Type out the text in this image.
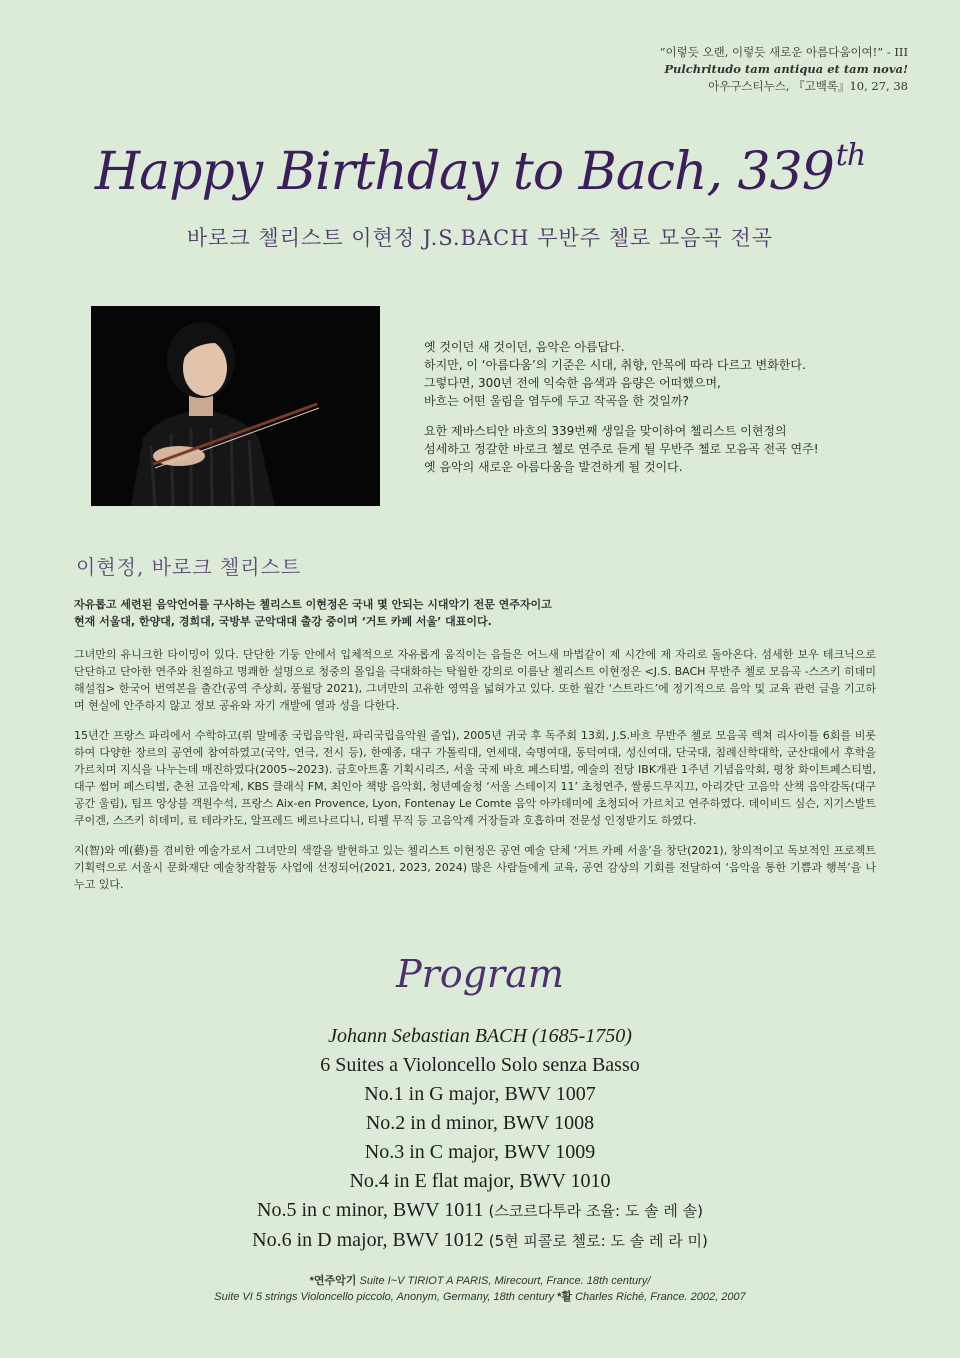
“이렇듯 오랜, 이렇듯 새로운 아름다움이여!” - III
Pulchritudo tam antiqua et tam nova!
아우구스티누스, 『고백록』10, 27, 38
Happy Birthday to Bach, 339th
바로크 첼리스트 이현정 J.S.BACH 무반주 첼로 모음곡 전곡

옛 것이던 새 것이던, 음악은 아름답다.
하지만, 이 ‘아름다움’의 기준은 시대, 취향, 안목에 따라 다르고 변화한다.
그렇다면, 300년 전에 익숙한 음색과 음량은 어떠했으며,
바흐는 어떤 울림을 염두에 두고 작곡을 한 것일까?

요한 제바스티안 바흐의 339번째 생일을 맞이하여 첼리스트 이현정의
섬세하고 정갈한 바로크 첼로 연주로 듣게 될 무반주 첼로 모음곡 전곡 연주!
옛 음악의 새로운 아름다움을 발견하게 될 것이다.

이현정, 바로크 첼리스트

자유롭고 세련된 음악언어를 구사하는 첼리스트 이현정은 국내 몇 안되는 시대악기 전문 연주자이고
현재 서울대, 한양대, 경희대, 국방부 군악대대 출강 중이며 ‘거트 카페 서울’ 대표이다.

그녀만의 유니크한 타이밍이 있다. 단단한 기둥 안에서 입체적으로 자유롭게 움직이는 음들은 어느새 마법같이 제 시간에 제 자리로 돌아온다. 섬세한 보우 테크닉으로 단단하고 단아한 연주와 친절하고 명쾌한 설명으로 청중의 몰입을 극대화하는 탁월한 강의로 이름난 첼리스트 이현정은 <J.S. BACH 무반주 첼로 모음곡 -스즈키 히데미 해설집> 한국어 번역본을 출간(공역 주상희, 풍월당 2021), 그녀만의 고유한 영역을 넓혀가고 있다. 또한 월간 ‘스트라드’에 정기적으로 음악 및 교육 관련 글을 기고하며 현실에 안주하지 않고 정보 공유와 자기 개발에 열과 성을 다한다.

15년간 프랑스 파리에서 수학하고(뤼 말메종 국립음악원, 파리국립음악원 졸업), 2005년 귀국 후 독주회 13회, J.S.바흐 무반주 첼로 모음곡 렉쳐 리사이틀 6회를 비롯하여 다양한 장르의 공연에 참여하였고(국악, 연극, 전시 등), 한예종, 대구 가톨릭대, 연세대, 숙명여대, 동덕여대, 성신여대, 단국대, 침례신학대학, 군산대에서 후학을 가르치며 지식을 나누는데 매진하였다(2005~2023). 금호아트홀 기획시리즈, 서울 국제 바흐 페스티벌, 예술의 전당 IBK개관 1주년 기념음악회, 평창 화이트페스티벌, 대구 썸머 페스티벌, 춘천 고음악제, KBS 클래식 FM, 최인아 책방 음악회, 청년예술청 ‘서울 스테이지 11’ 초청연주, 쌀롱드무지끄, 아리갓단 고음악 산책 음악감독(대구 공간 울림), 팀프 앙상블 객원수석, 프랑스 Aix-en Provence, Lyon, Fontenay Le Comte 음악 아카데미에 초청되어 가르치고 연주하였다. 데이비드 심슨, 지기스발트 쿠이겐, 스즈키 히데미, 료 테라카도, 알프레드 베르나르디니, 티펠 무직 등 고음악계 거장들과 호흡하며 전문성 인정받기도 하였다.

지(智)와 예(藝)를 겸비한 예술가로서 그녀만의 색깔을 발현하고 있는 첼리스트 이현정은 공연 예술 단체 ‘거트 카페 서울’을 창단(2021), 창의적이고 독보적인 프로젝트 기획력으로 서울시 문화재단 예술창작활동 사업에 선정되어(2021, 2023, 2024) 많은 사람들에게 교육, 공연 감상의 기회를 전달하여 ‘음악을 통한 기쁨과 행복’을 나누고 있다.

Program
Johann Sebastian BACH (1685-1750)
6 Suites a Violoncello Solo senza Basso
No.1 in G major, BWV 1007
No.2 in d minor, BWV 1008
No.3 in C major, BWV 1009
No.4 in E flat major, BWV 1010
No.5 in c minor, BWV 1011 (스코르다투라 조율: 도 솔 레 솔)
No.6 in D major, BWV 1012 (5현 피콜로 첼로: 도 솔 레 라 미)
*연주악기 Suite I~V TIRIOT A PARIS, Mirecourt, France. 18th century/
Suite VI 5 strings Violoncello piccolo, Anonym, Germany, 18th century *활 Charles Riché, France. 2002, 2007
